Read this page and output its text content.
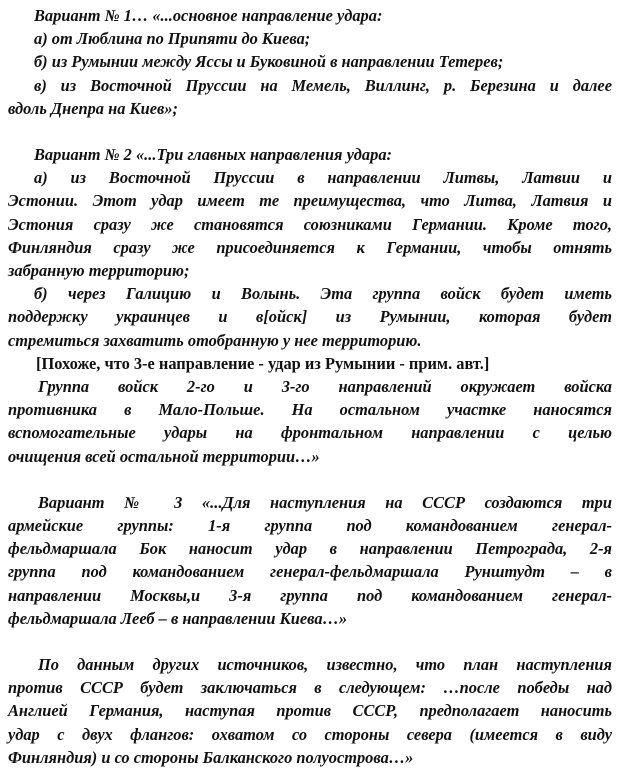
Вариант № 1… «...основное направление удара:

а) от Люблина по Припяти до Киева;

б) из Румынии между Яссы и Буковиной в направлении Тетерев;

в) из Восточной Пруссии на Мемель, Виллинг, р. Березина и далее

вдоль Днепра на Киев»;

Вариант № 2 «...Три главных направления удара:

а) из Восточной Пруссии в направлении Литвы, Латвии и

Эстонии. Этот удар имеет те преимущества, что Литва, Латвия и

Эстония сразу же становятся союзниками Германии. Кроме того,

Финляндия сразу же присоединяется к Германии, чтобы отнять

забранную территорию;

б) через Галицию и Волынь. Эта группа войск будет иметь

поддержку украинцев и в[ойск] из Румынии, которая будет

стремиться захватить отобранную у нее территорию.

[Похоже, что 3-е направление - удар из Румынии - прим. авт.]

Группа войск 2-го и 3-го направлений окружает войска

противника в Мало-Польше. На остальном участке наносятся

вспомогательные удары на фронтальном направлении с целью

очищения всей остальной территории…»

Вариант № 3 «...Для наступления на СССР создаются три

армейские группы: 1-я группа под командованием генерал-

фельдмаршала Бок наносит удар в направлении Петрограда, 2-я

группа под командованием генерал-фельдмаршала Рунштудт – в

направлении Москвы,и 3-я группа под командованием генерал-

фельдмаршала Лееб – в направлении Киева…»

По данным других источников, известно, что план наступления

против СССР будет заключаться в следующем: …после победы над

Англией Германия, наступая против СССР, предполагает наносить

удар с двух флангов: охватом со стороны севера (имеется в виду

Финляндия) и со стороны Балканского полуострова…»
